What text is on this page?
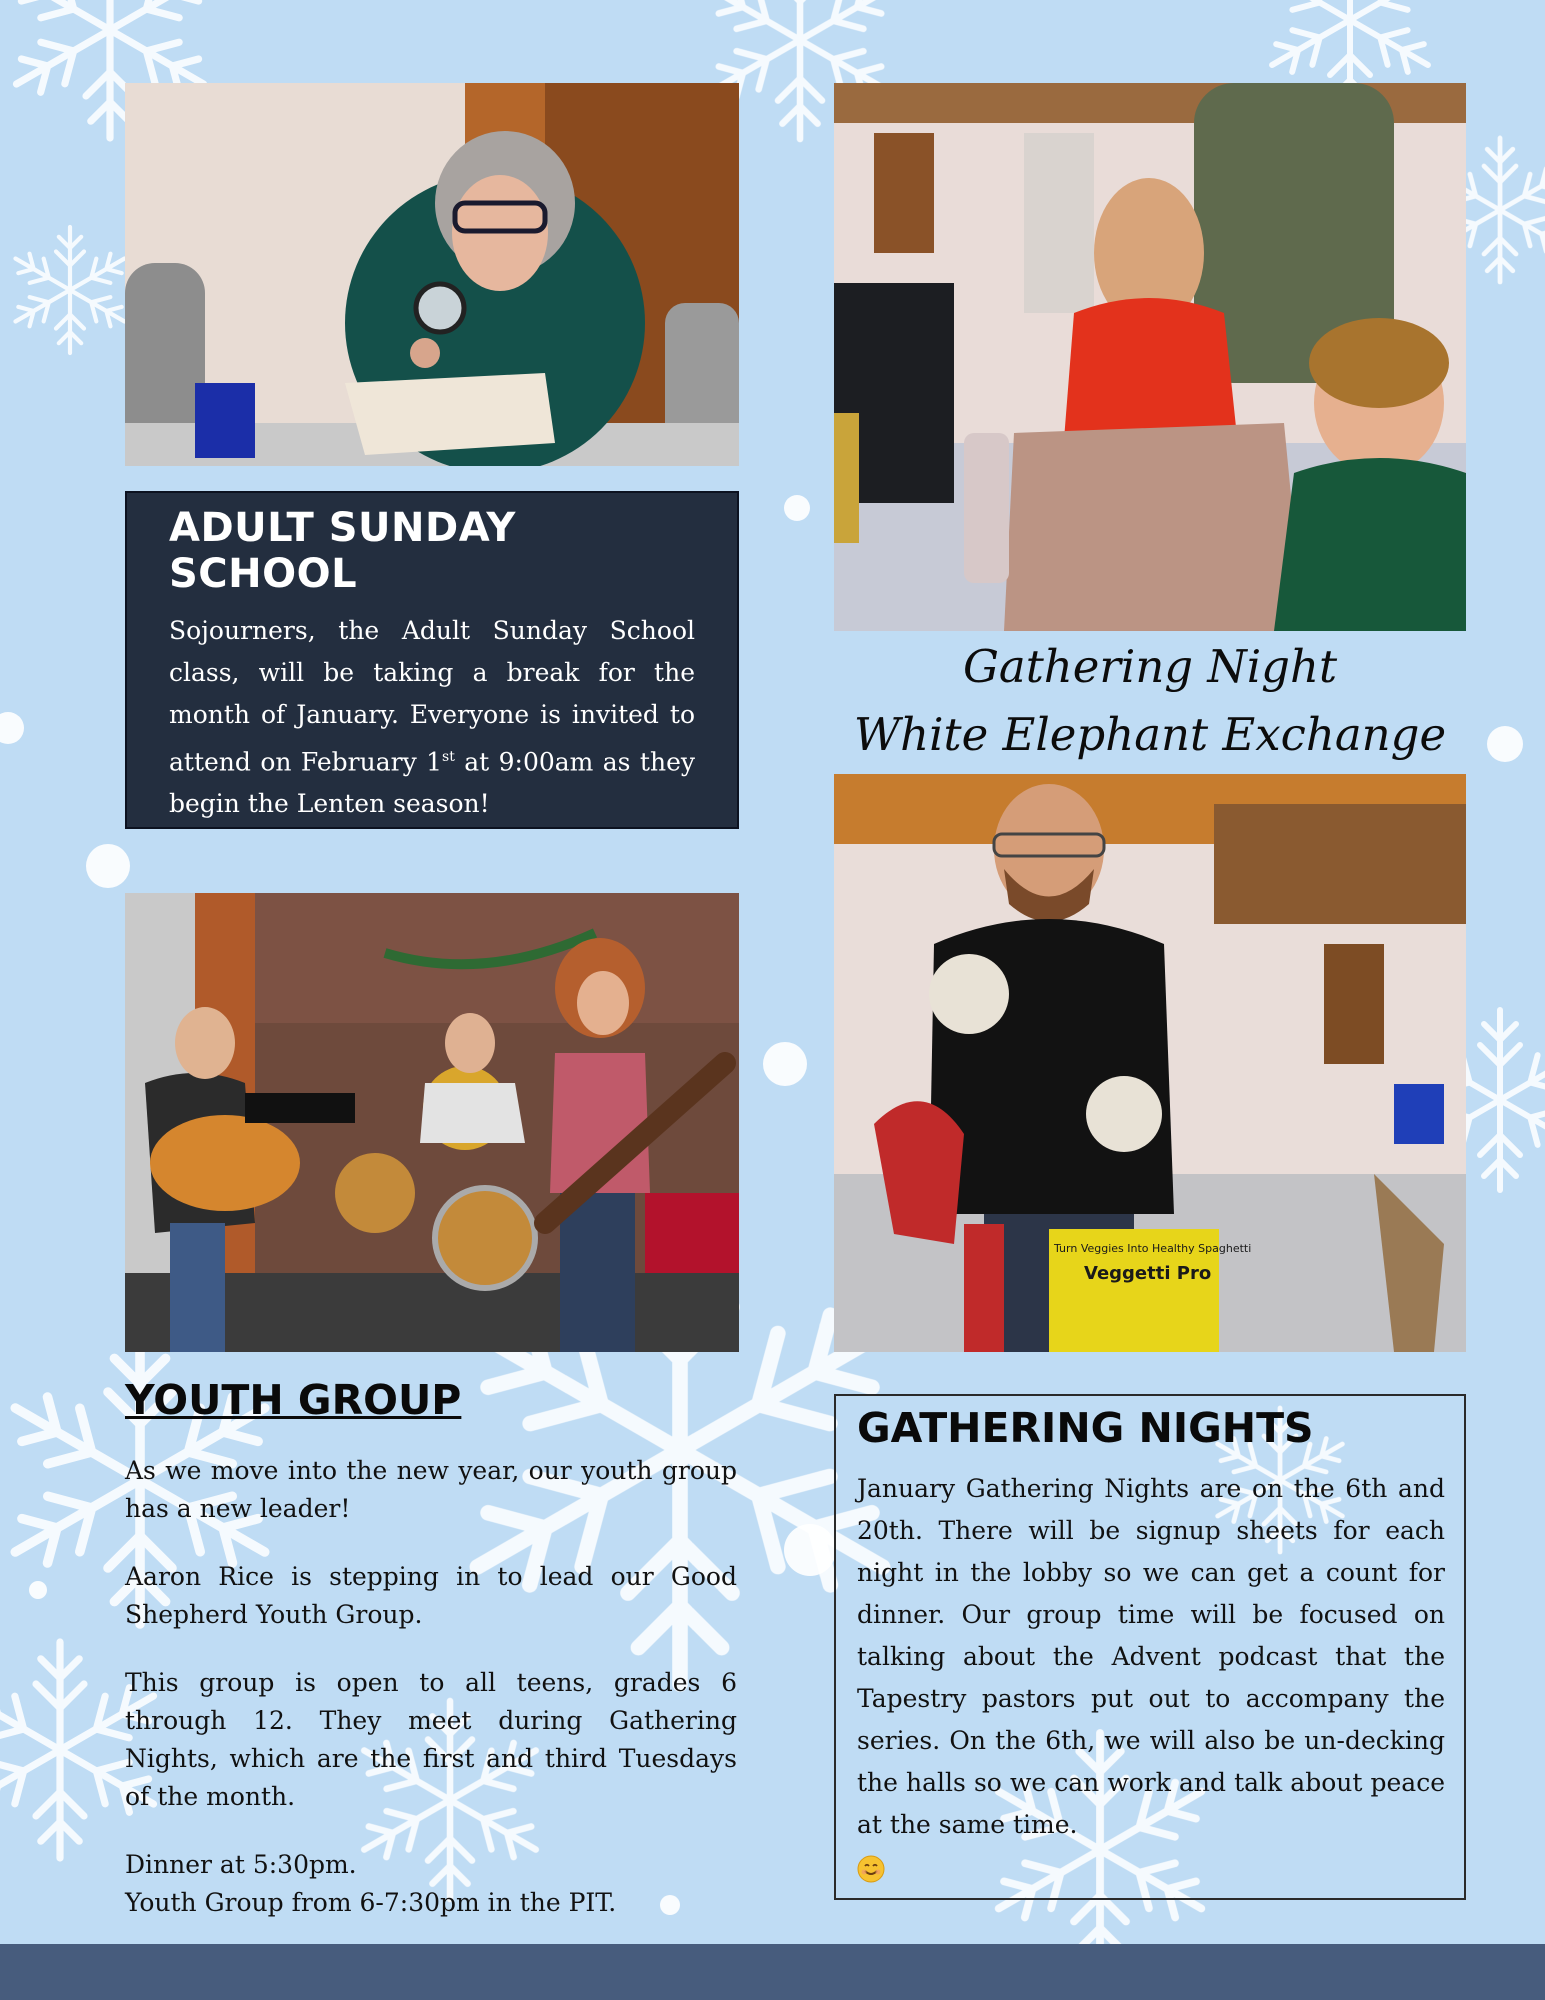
ADULT SUNDAY SCHOOL

Sojourners, the Adult Sunday School class, will be taking a break for the month of January. Everyone is invited to attend on February 1st at 9:00am as they begin the Lenten season!

Gathering Night
White Elephant Exchange
Turn Veggies Into Healthy Spaghetti
Veggetti Pro
YOUTH GROUP

As we move into the new year, our youth group has a new leader!

Aaron Rice is stepping in to lead our Good Shepherd Youth Group.

This group is open to all teens, grades 6 through 12. They meet during Gathering Nights, which are the first and third Tuesdays of the month.

Dinner at 5:30pm.

Youth Group from 6-7:30pm in the PIT.

GATHERING NIGHTS

January Gathering Nights are on the 6th and 20th. There will be signup sheets for each night in the lobby so we can get a count for dinner. Our group time will be focused on talking about the Advent podcast that the Tapestry pastors put out to accompany the series. On the 6th, we will also be un-decking the halls so we can work and talk about peace at the same time.
